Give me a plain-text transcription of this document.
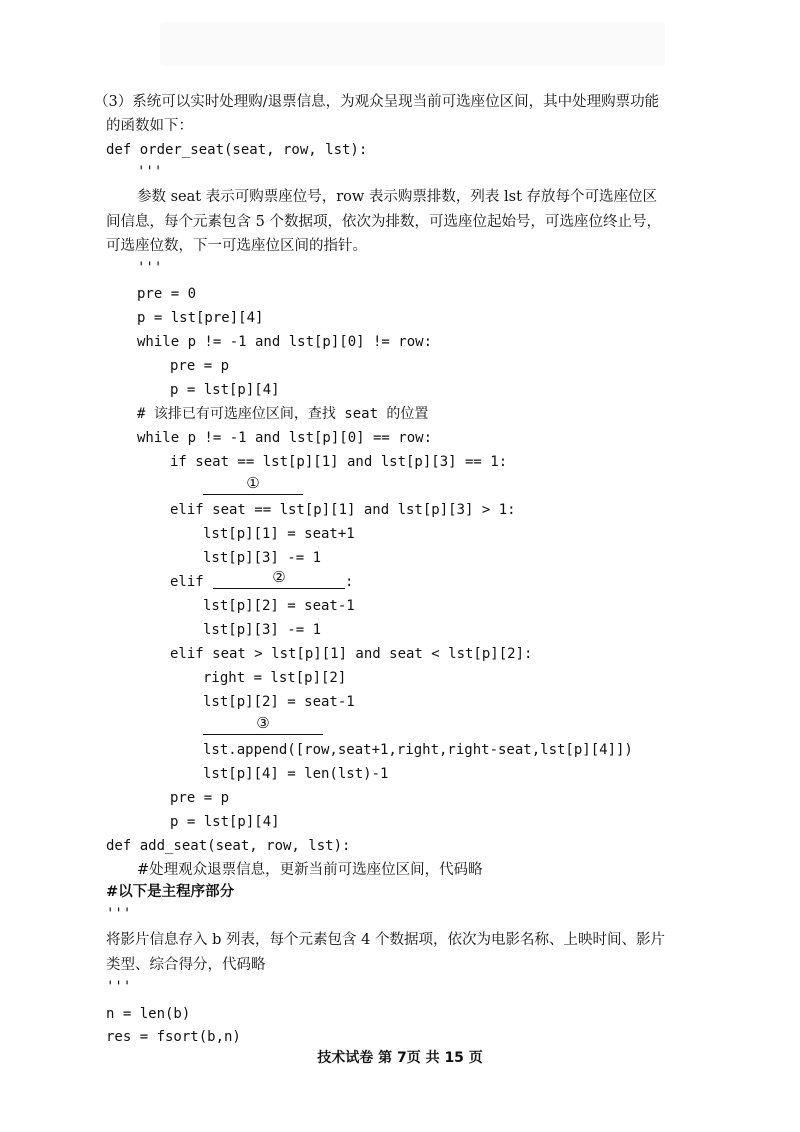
（3）系统可以实时处理购/退票信息，为观众呈现当前可选座位区间，其中处理购票功能
的函数如下：
def order_seat(seat, row, lst):
'''
参数 seat 表示可购票座位号，row 表示购票排数，列表 lst 存放每个可选座位区
间信息，每个元素包含 5 个数据项，依次为排数，可选座位起始号，可选座位终止号，
可选座位数，下一可选座位区间的指针。
'''
pre = 0
p = lst[pre][4]
while p != -1 and lst[p][0] != row:
pre = p
p = lst[p][4]
# 该排已有可选座位区间，查找 seat 的位置
while p != -1 and lst[p][0] == row:
if seat == lst[p][1] and lst[p][3] == 1:
①
elif seat == lst[p][1] and lst[p][3] > 1:
lst[p][1] = seat+1
lst[p][3] -= 1
elif	②	:
lst[p][2] = seat-1
lst[p][3] -= 1
elif seat > lst[p][1] and seat < lst[p][2]:
right = lst[p][2]
lst[p][2] = seat-1
③
lst.append([row,seat+1,right,right-seat,lst[p][4]])
lst[p][4] = len(lst)-1
pre = p
p = lst[p][4]
def add_seat(seat, row, lst):
#处理观众退票信息，更新当前可选座位区间，代码略
#以下是主程序部分
'''
将影片信息存入 b 列表，每个元素包含 4 个数据项，依次为电影名称、上映时间、影片
类型、综合得分，代码略
'''
n = len(b)
res = fsort(b,n)
技术试卷 第 7页 共 15 页
